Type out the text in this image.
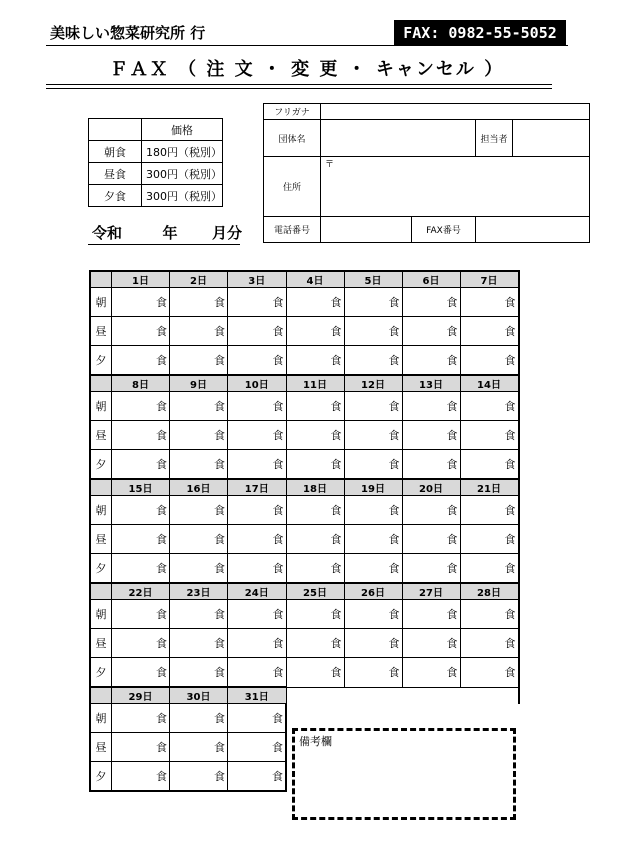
美味しい惣菜研究所 行	FAX: 0982-55-5052
ＦＡＸ （ 注 文 ・ 変 更 ・ キャンセル ）
	価格
朝食	180円（税別）
昼食	300円（税別）
夕食	300円（税別）
令和	年 月分
フリガナ				
団体名			担当者	
住所	〒			
電話番号		FAX番号		
	1日	2日	3日	4日	5日	6日	7日
朝	食	食	食	食	食	食	食
昼	食	食	食	食	食	食	食
夕	食	食	食	食	食	食	食
	8日	9日	10日	11日	12日	13日	14日
朝	食	食	食	食	食	食	食
昼	食	食	食	食	食	食	食
夕	食	食	食	食	食	食	食
	15日	16日	17日	18日	19日	20日	21日
朝	食	食	食	食	食	食	食
昼	食	食	食	食	食	食	食
夕	食	食	食	食	食	食	食
	22日	23日	24日	25日	26日	27日	28日
朝	食	食	食	食	食	食	食
昼	食	食	食	食	食	食	食
夕	食	食	食	食	食	食	食
	29日	30日	31日				
朝	食	食	食				
昼	食	食	食				
夕	食	食	食				
備考欄
